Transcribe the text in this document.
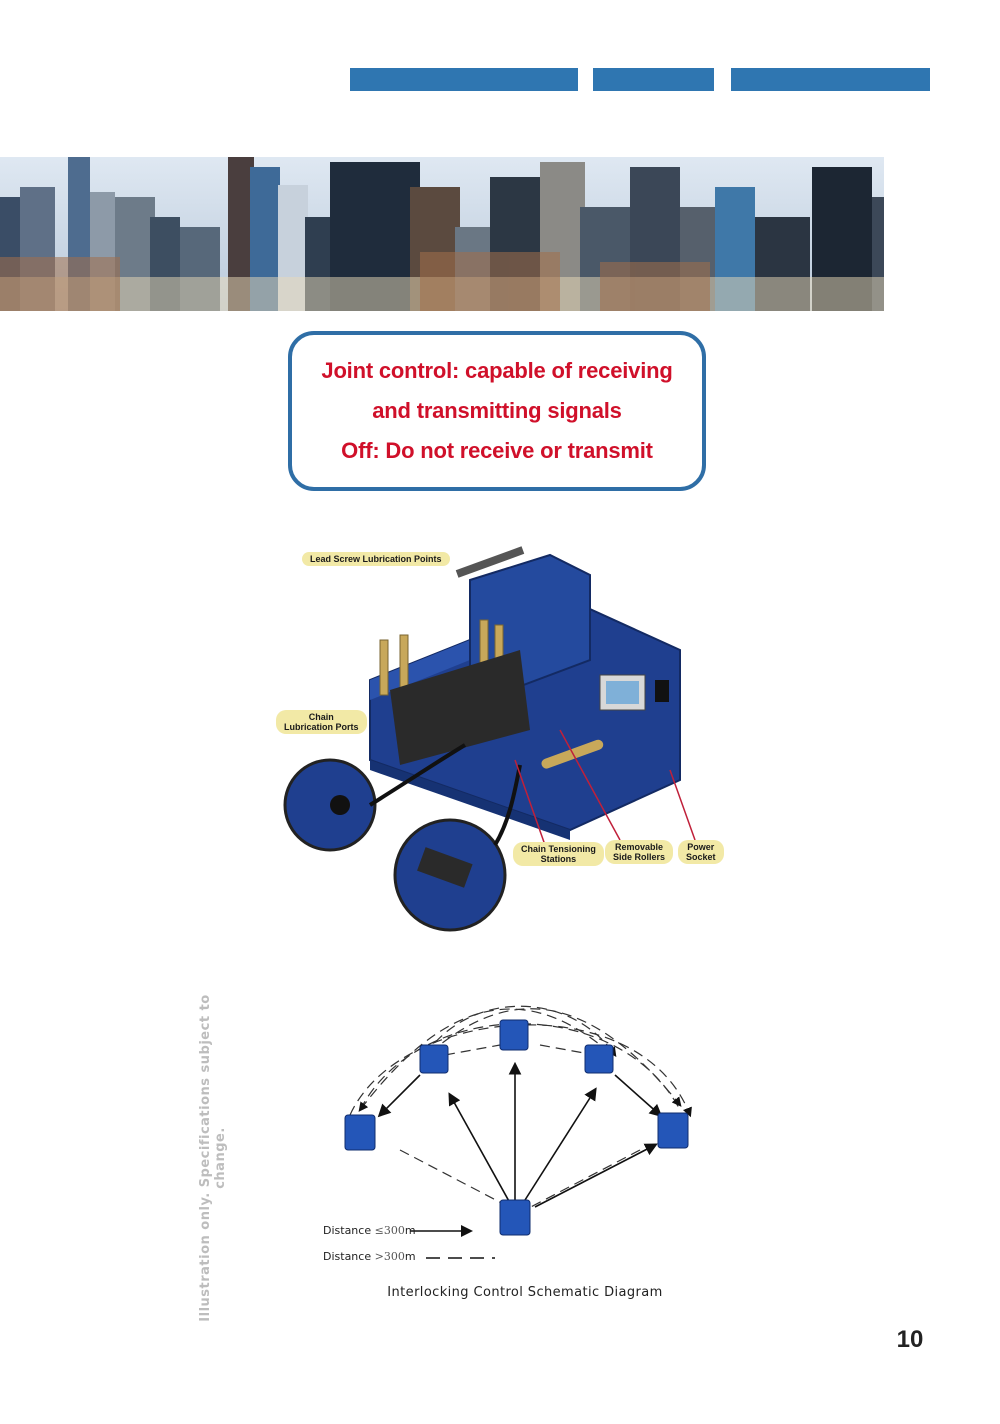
Joint control: capable of receiving
and transmitting signals
Off: Do not receive or transmit
Lead Screw Lubrication Points
Chain
Lubrication Ports
Chain Tensioning
Stations
Removable
Side Rollers
Power
Socket
Illustration only. Specifications subject to change.
Distance ≤300m
Distance >300m
Interlocking Control Schematic Diagram
10
